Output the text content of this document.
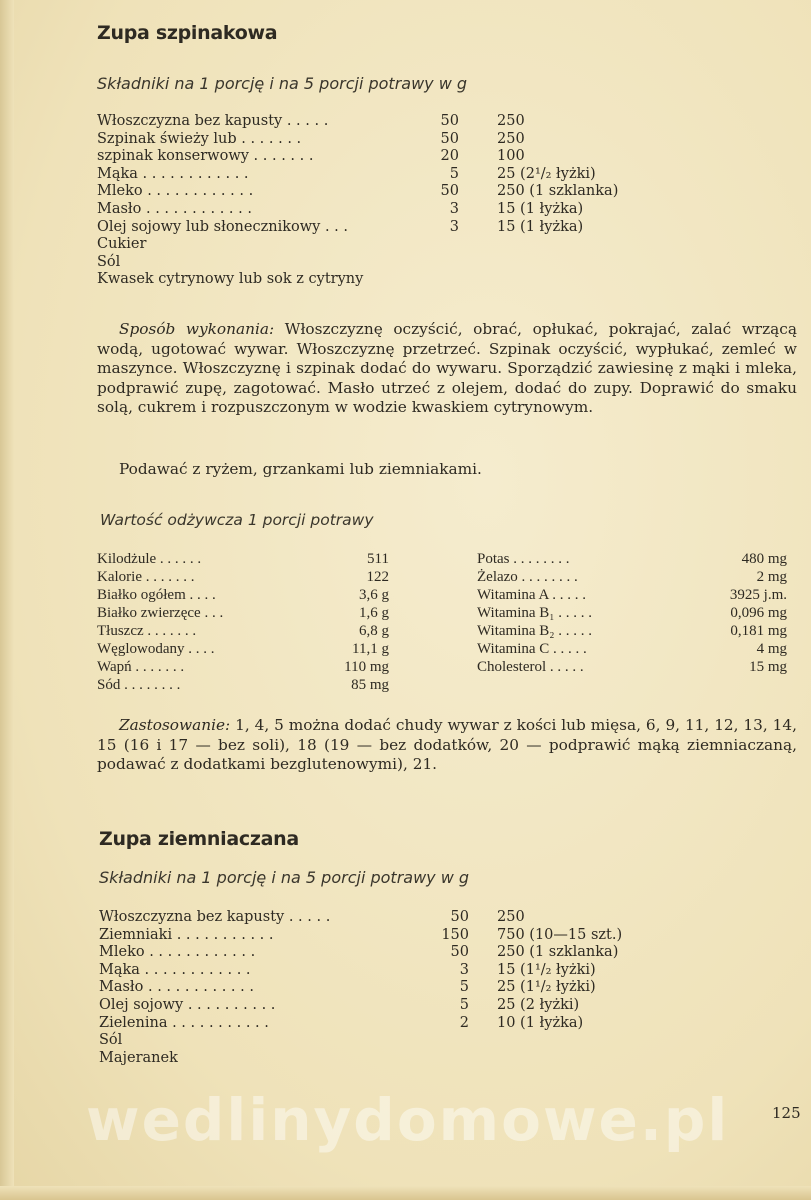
Zupa szpinakowa
Składniki na 1 porcję i na 5 porcji potrawy w g
Włoszczyzna bez kapusty . . . . .	50	250
Szpinak świeży lub . . . . . . .	50	250
szpinak konserwowy . . . . . . .	20	100
Mąka . . . . . . . . . . . .	5	25 (2¹/₂ łyżki)
Mleko . . . . . . . . . . . .	50	250 (1 szklanka)
Masło . . . . . . . . . . . .	3	15 (1 łyżka)
Olej sojowy lub słonecznikowy . . .	3	15 (1 łyżka)
Cukier
Sól
Kwasek cytrynowy lub sok z cytryny
Sposób wykonania: Włoszczyznę oczyścić, obrać, opłukać, pokrajać, zalać wrzącą wodą, ugotować wywar. Włoszczyznę przetrzeć. Szpinak oczyścić, wypłukać, zemleć w maszynce. Włoszczyznę i szpinak dodać do wywaru. Sporządzić zawiesinę z mąki i mleka, podprawić zupę, zagotować. Masło utrzeć z olejem, dodać do zupy. Doprawić do smaku solą, cukrem i rozpuszczonym w wodzie kwaskiem cytrynowym.
Podawać z ryżem, grzankami lub ziemniakami.
Wartość odżywcza 1 porcji potrawy
Kilodżule . . . . . .	511
Kalorie . . . . . . .	122
Białko ogółem . . . .	3,6 g
Białko zwierzęce . . .	1,6 g
Tłuszcz . . . . . . .	6,8 g
Węglowodany . . . .	11,1 g
Wapń . . . . . . .	110 mg
Sód . . . . . . . .	85 mg
Potas . . . . . . . .	480 mg
Żelazo . . . . . . . .	2 mg
Witamina A . . . . .	3925 j.m.
Witamina B₁ . . . . .	0,096 mg
Witamina B₂ . . . . .	0,181 mg
Witamina C . . . . .	4 mg
Cholesterol . . . . .	15 mg
Zastosowanie: 1, 4, 5 można dodać chudy wywar z kości lub mięsa, 6, 9, 11, 12, 13, 14, 15 (16 i 17 — bez soli), 18 (19 — bez dodatków, 20 — podprawić mąką ziemniaczaną, podawać z dodatkami bezglutenowymi), 21.
Zupa ziemniaczana
Składniki na 1 porcję i na 5 porcji potrawy w g
Włoszczyzna bez kapusty . . . . .	50 250
Ziemniaki . . . . . . . . . . .	150 750 (10—15 szt.)
Mleko . . . . . . . . . . . .	50 250 (1 szklanka)
Mąka . . . . . . . . . . . .	3 15 (1¹/₂ łyżki)
Masło . . . . . . . . . . . .	5 25 (1¹/₂ łyżki)
Olej sojowy . . . . . . . . . .	5 25 (2 łyżki)
Zielenina . . . . . . . . . . .	2 10 (1 łyżka)
Sól
Majeranek
wedlinydomowe.pl	125
